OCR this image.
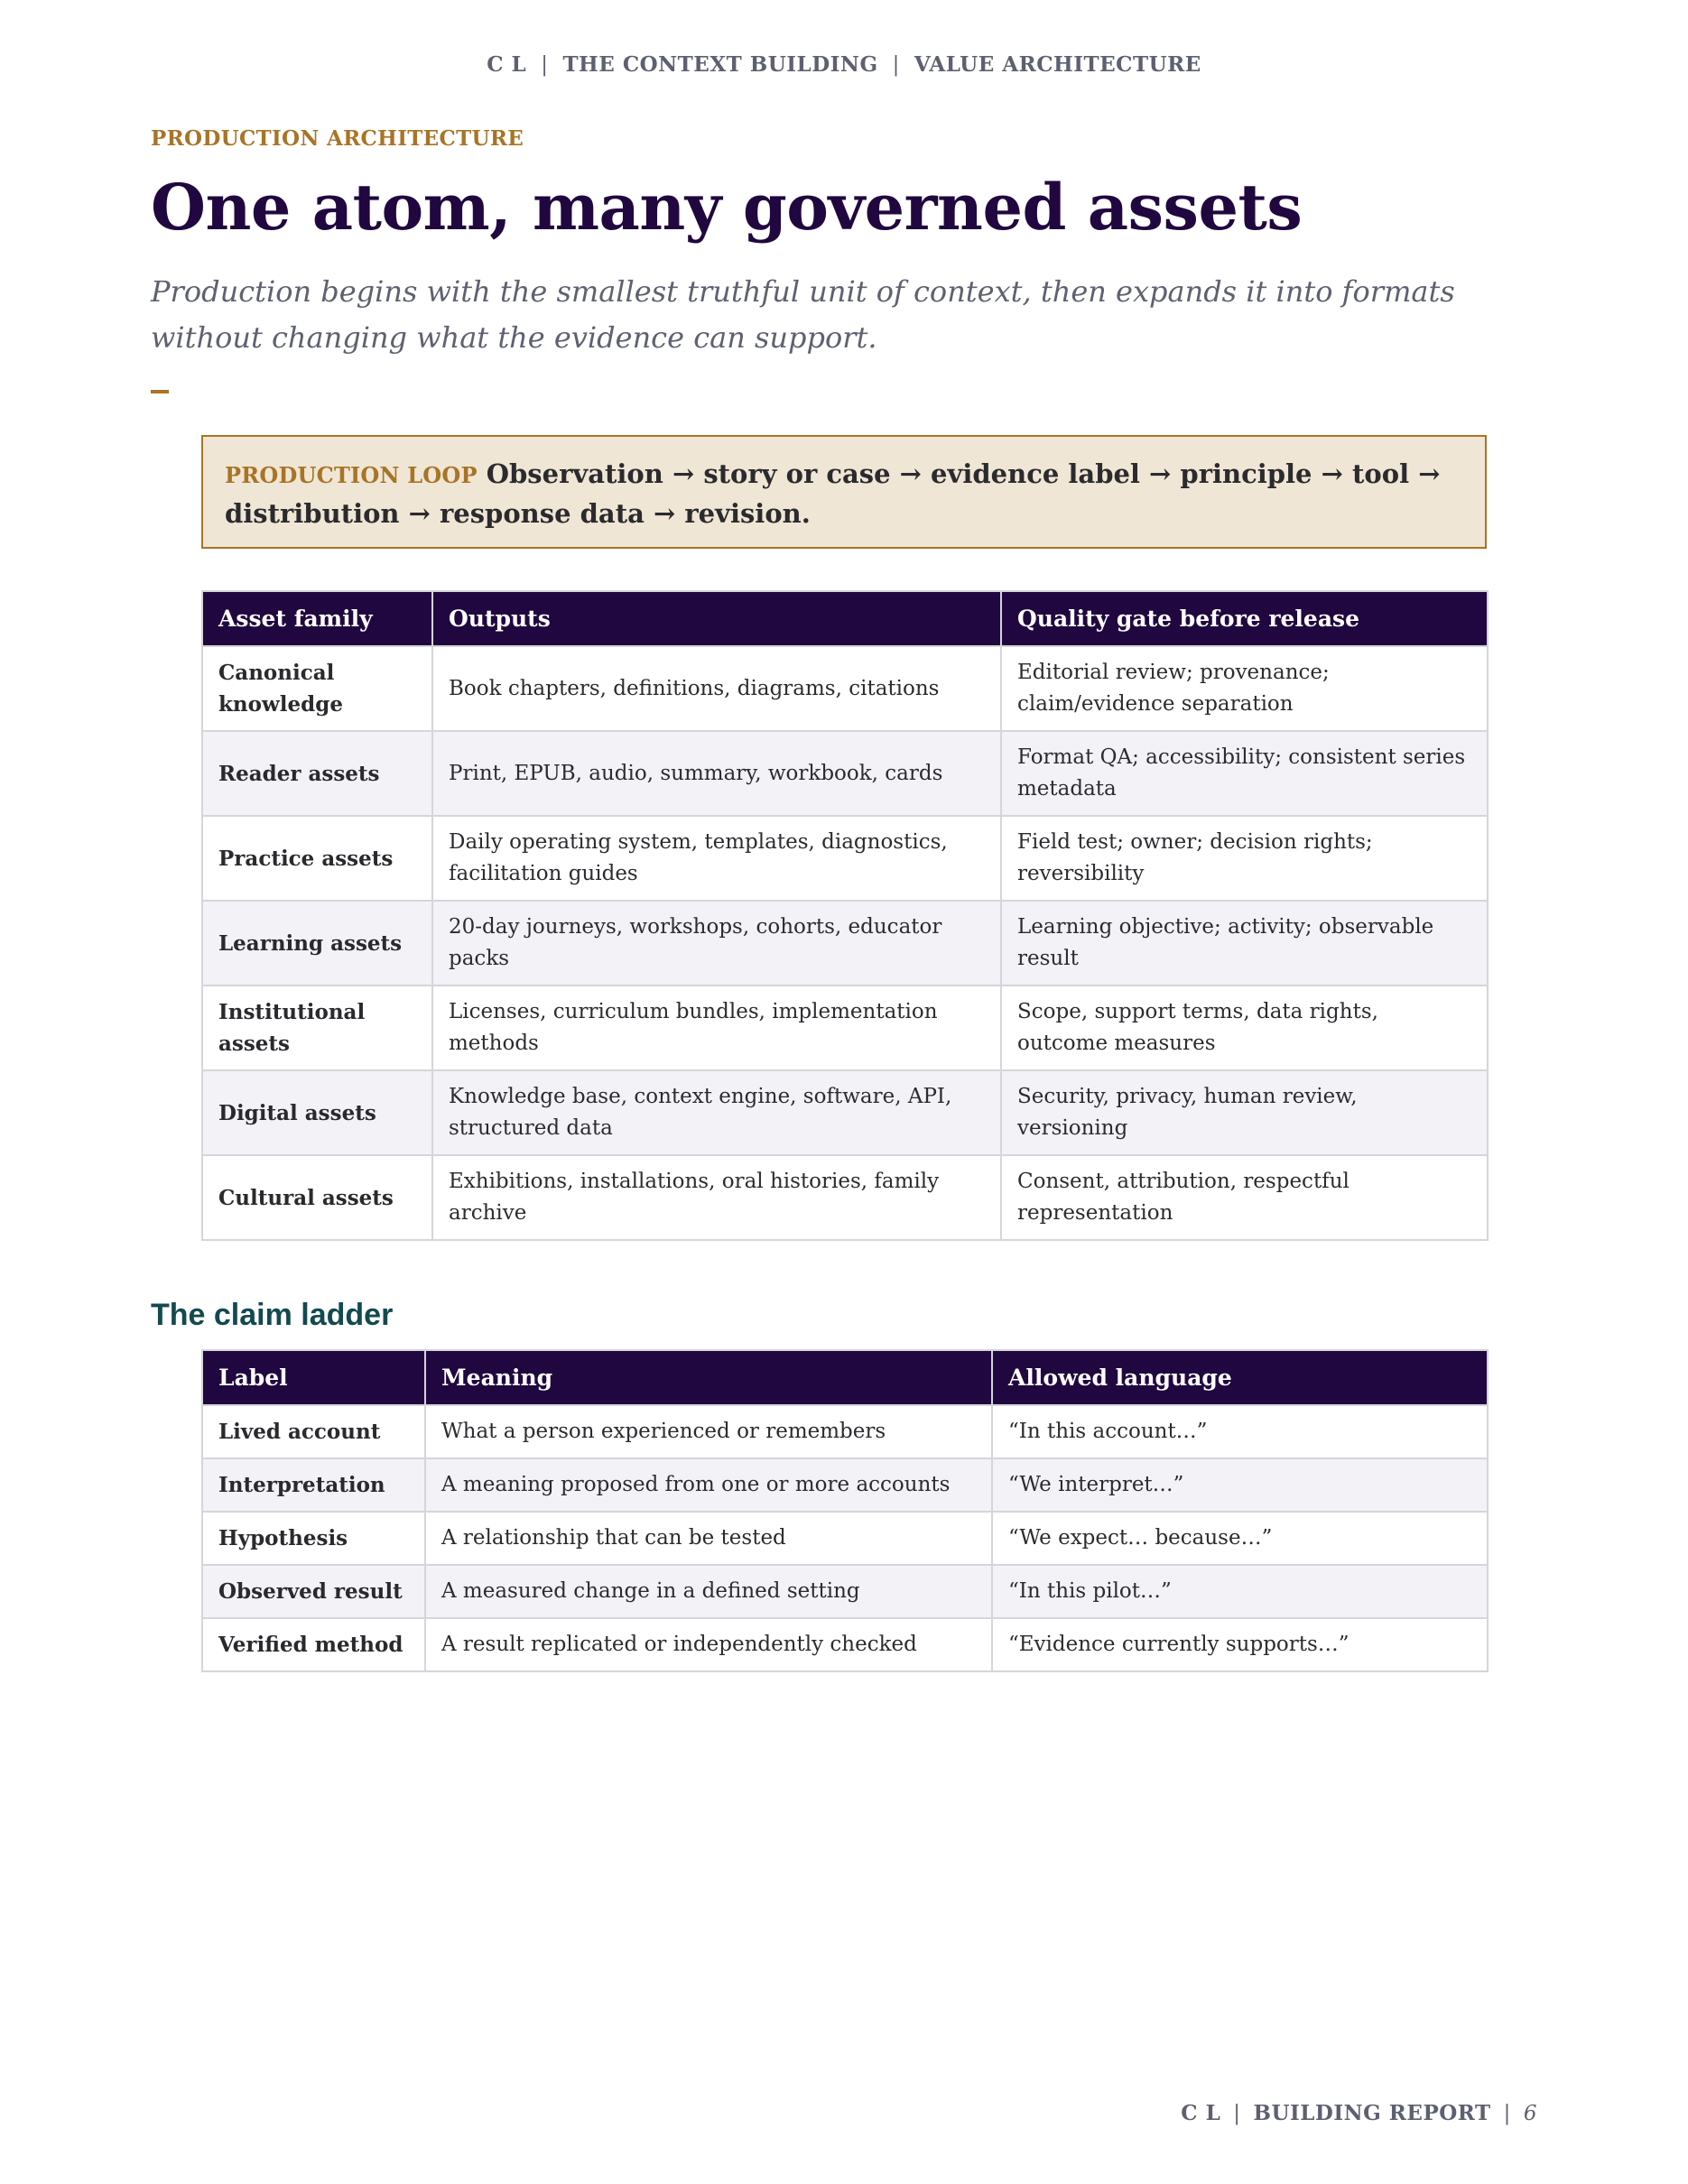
C L | THE CONTEXT BUILDING | VALUE ARCHITECTURE
PRODUCTION ARCHITECTURE
One atom, many governed assets
Production begins with the smallest truthful unit of context, then expands it into formats without changing what the evidence can support.
PRODUCTION LOOP Observation → story or case → evidence label → principle → tool → distribution → response data → revision.
Asset family	Outputs	Quality gate before release
Canonical knowledge	Book chapters, definitions, diagrams, citations	Editorial review; provenance; claim/evidence separation
Reader assets	Print, EPUB, audio, summary, workbook, cards	Format QA; accessibility; consistent series metadata
Practice assets	Daily operating system, templates, diagnostics, facilitation guides	Field test; owner; decision rights; reversibility
Learning assets	20-day journeys, workshops, cohorts, educator packs	Learning objective; activity; observable result
Institutional assets	Licenses, curriculum bundles, implementation methods	Scope, support terms, data rights, outcome measures
Digital assets	Knowledge base, context engine, software, API, structured data	Security, privacy, human review, versioning
Cultural assets	Exhibitions, installations, oral histories, family archive	Consent, attribution, respectful representation
The claim ladder
Label	Meaning	Allowed language
Lived account	What a person experienced or remembers	“In this account…”
Interpretation	A meaning proposed from one or more accounts	“We interpret…”
Hypothesis	A relationship that can be tested	“We expect… because…”
Observed result	A measured change in a defined setting	“In this pilot…”
Verified method	A result replicated or independently checked	“Evidence currently supports…”
C L | BUILDING REPORT | 6
